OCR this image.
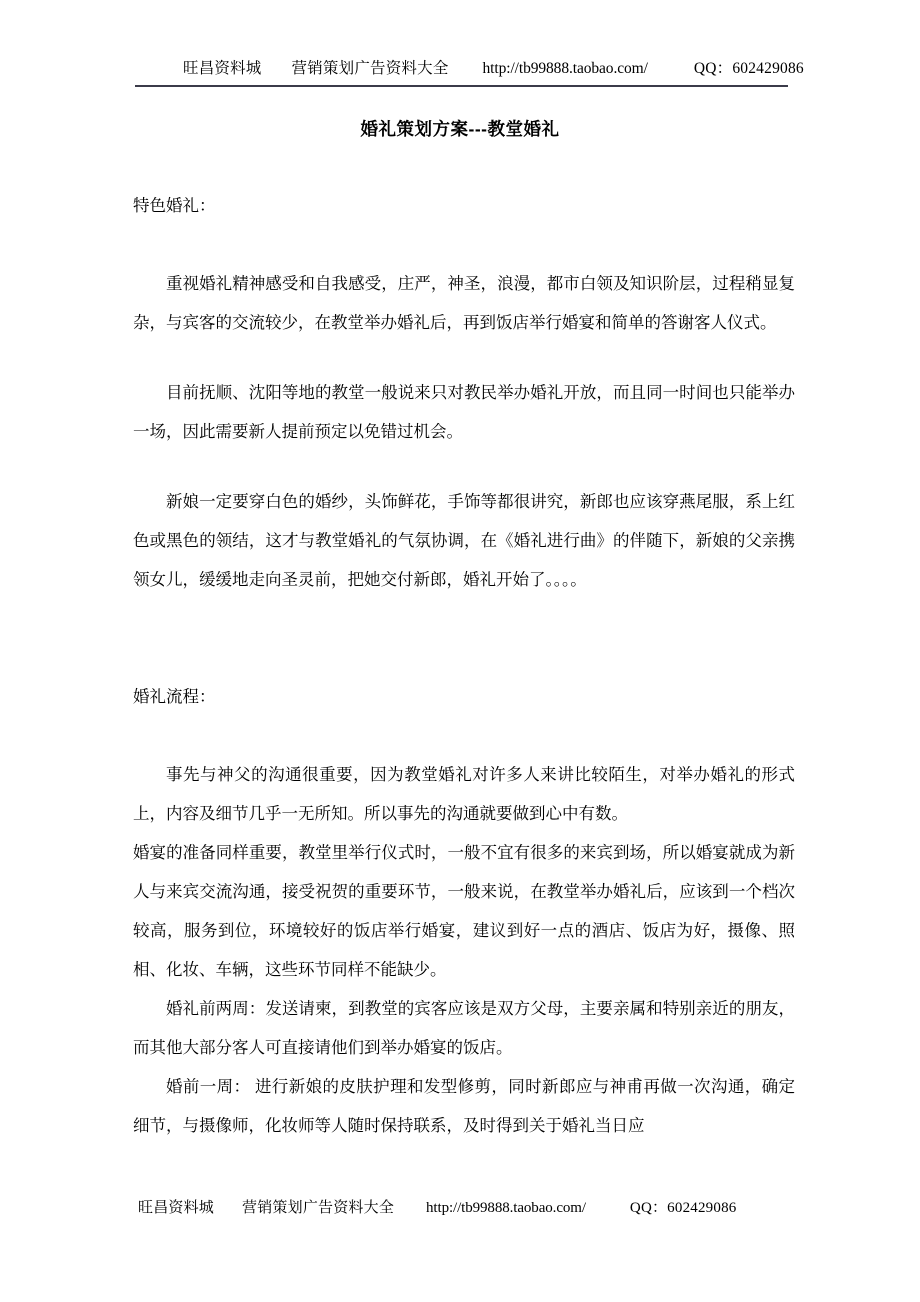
旺昌资料城 营销策划广告资料大全 http://tb99888.taobao.com/	QQ：602429086
婚礼策划方案---教堂婚礼

特色婚礼：

重视婚礼精神感受和自我感受，庄严，神圣，浪漫，都市白领及知识阶层，过程稍显复杂，与宾客的交流较少，在教堂举办婚礼后，再到饭店举行婚宴和简单的答谢客人仪式。

目前抚顺、沈阳等地的教堂一般说来只对教民举办婚礼开放，而且同一时间也只能举办一场，因此需要新人提前预定以免错过机会。

新娘一定要穿白色的婚纱，头饰鲜花，手饰等都很讲究，新郎也应该穿燕尾服，系上红色或黑色的领结，这才与教堂婚礼的气氛协调，在《婚礼进行曲》的伴随下，新娘的父亲携领女儿，缓缓地走向圣灵前，把她交付新郎，婚礼开始了。。。。

婚礼流程：

事先与神父的沟通很重要，因为教堂婚礼对许多人来讲比较陌生，对举办婚礼的形式上，内容及细节几乎一无所知。所以事先的沟通就要做到心中有数。

婚宴的准备同样重要，教堂里举行仪式时，一般不宜有很多的来宾到场，所以婚宴就成为新人与来宾交流沟通，接受祝贺的重要环节，一般来说，在教堂举办婚礼后，应该到一个档次较高，服务到位，环境较好的饭店举行婚宴，建议到好一点的酒店、饭店为好，摄像、照相、化妆、车辆，这些环节同样不能缺少。

婚礼前两周：发送请柬，到教堂的宾客应该是双方父母，主要亲属和特别亲近的朋友，而其他大部分客人可直接请他们到举办婚宴的饭店。

婚前一周： 进行新娘的皮肤护理和发型修剪，同时新郎应与神甫再做一次沟通，确定细节，与摄像师，化妆师等人随时保持联系，及时得到关于婚礼当日应

旺昌资料城 营销策划广告资料大全 http://tb99888.taobao.com/	QQ：602429086
